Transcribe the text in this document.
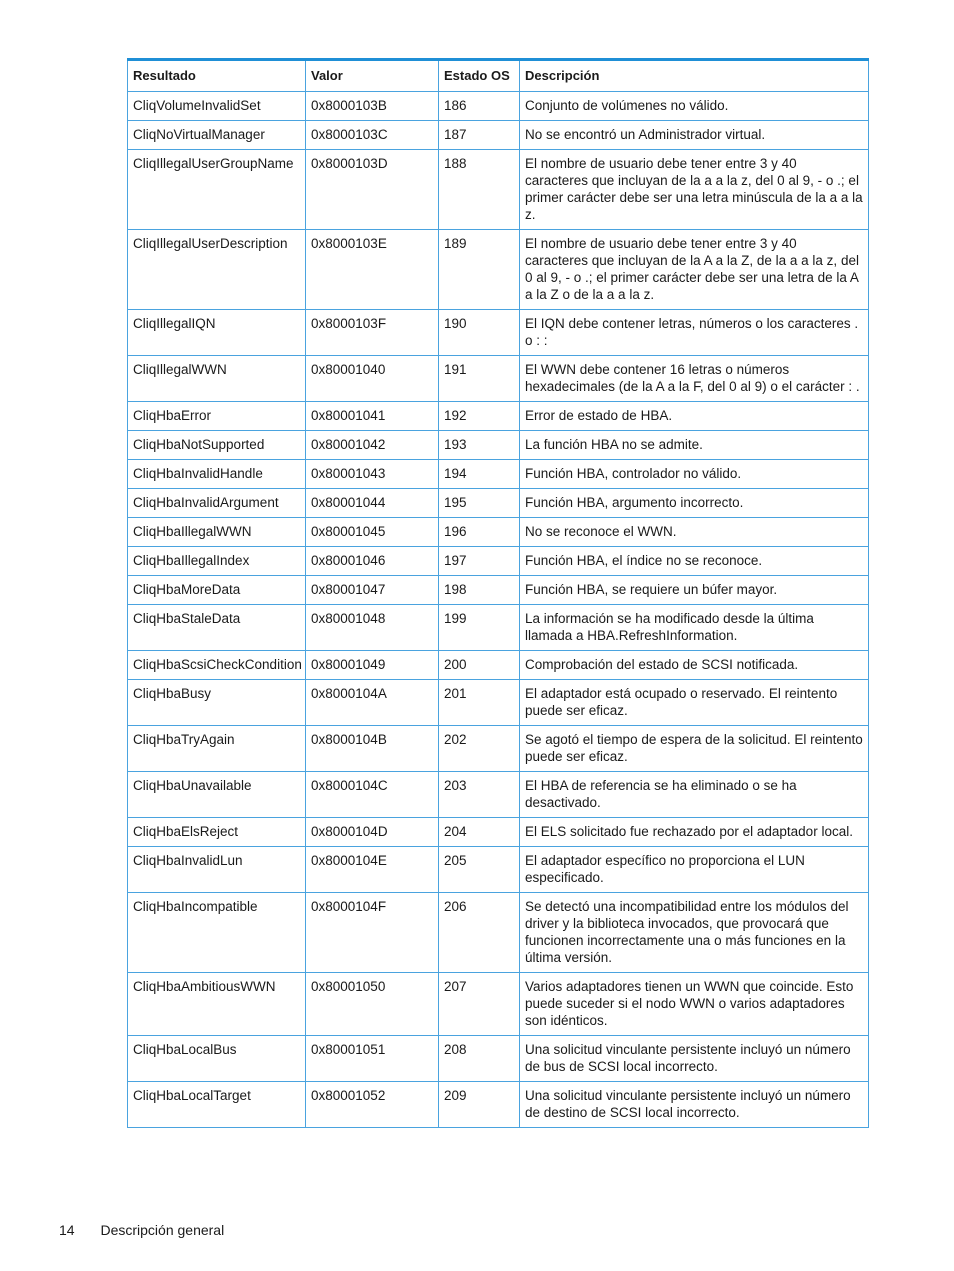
Resultado	Valor	Estado OS	Descripción
CliqVolumeInvalidSet	0x8000103B	186	Conjunto de volúmenes no válido.
CliqNoVirtualManager	0x8000103C	187	No se encontró un Administrador virtual.
CliqIllegalUserGroupName	0x8000103D	188	El nombre de usuario debe tener entre 3 y 40 caracteres que incluyan de la a a la z, del 0 al 9, - o .; el primer carácter debe ser una letra minúscula de la a a la z.
CliqIllegalUserDescription	0x8000103E	189	El nombre de usuario debe tener entre 3 y 40 caracteres que incluyan de la A a la Z, de la a a la z, del 0 al 9, - o .; el primer carácter debe ser una letra de la A a la Z o de la a a la z.
CliqIllegalIQN	0x8000103F	190	El IQN debe contener letras, números o los caracteres . o : :
CliqIllegalWWN	0x80001040	191	El WWN debe contener 16 letras o números hexadecimales (de la A a la F, del 0 al 9) o el carácter : .
CliqHbaError	0x80001041	192	Error de estado de HBA.
CliqHbaNotSupported	0x80001042	193	La función HBA no se admite.
CliqHbaInvalidHandle	0x80001043	194	Función HBA, controlador no válido.
CliqHbaInvalidArgument	0x80001044	195	Función HBA, argumento incorrecto.
CliqHbaIllegalWWN	0x80001045	196	No se reconoce el WWN.
CliqHbaIllegalIndex	0x80001046	197	Función HBA, el índice no se reconoce.
CliqHbaMoreData	0x80001047	198	Función HBA, se requiere un búfer mayor.
CliqHbaStaleData	0x80001048	199	La información se ha modificado desde la última llamada a HBA.RefreshInformation.
CliqHbaScsiCheckCondition	0x80001049	200	Comprobación del estado de SCSI notificada.
CliqHbaBusy	0x8000104A	201	El adaptador está ocupado o reservado. El reintento puede ser eficaz.
CliqHbaTryAgain	0x8000104B	202	Se agotó el tiempo de espera de la solicitud. El reintento puede ser eficaz.
CliqHbaUnavailable	0x8000104C	203	El HBA de referencia se ha eliminado o se ha desactivado.
CliqHbaElsReject	0x8000104D	204	El ELS solicitado fue rechazado por el adaptador local.
CliqHbaInvalidLun	0x8000104E	205	El adaptador específico no proporciona el LUN especificado.
CliqHbaIncompatible	0x8000104F	206	Se detectó una incompatibilidad entre los módulos del driver y la biblioteca invocados, que provocará que funcionen incorrectamente una o más funciones en la última versión.
CliqHbaAmbitiousWWN	0x80001050	207	Varios adaptadores tienen un WWN que coincide. Esto puede suceder si el nodo WWN o varios adaptadores son idénticos.
CliqHbaLocalBus	0x80001051	208	Una solicitud vinculante persistente incluyó un número de bus de SCSI local incorrecto.
CliqHbaLocalTarget	0x80001052	209	Una solicitud vinculante persistente incluyó un número de destino de SCSI local incorrecto.
14 Descripción general
